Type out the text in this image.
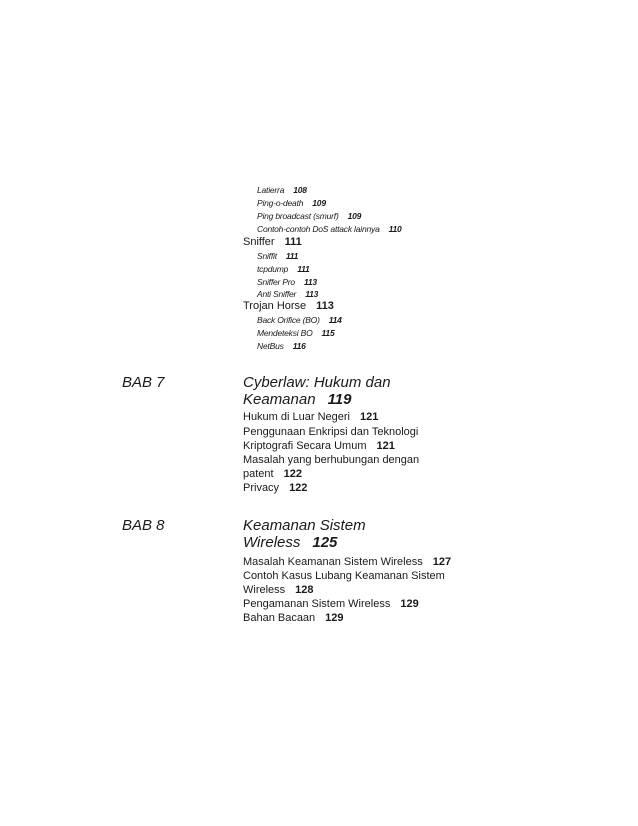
Latierra 108
Ping-o-death 109
Ping broadcast (smurf) 109
Contoh-contoh DoS attack lainnya 110
Sniffer 111
Sniffit 111
tcpdump 111
Sniffer Pro 113
Anti Sniffer 113
Trojan Horse 113
Back Orifice (BO) 114
Mendeteksi BO 115
NetBus 116
BAB 7	Cyberlaw: Hukum dan
Keamanan 119
Hukum di Luar Negeri 121
Penggunaan Enkripsi dan Teknologi
Kriptografi Secara Umum 121
Masalah yang berhubungan dengan
patent 122
Privacy 122
BAB 8	Keamanan Sistem
Wireless 125
Masalah Keamanan Sistem Wireless 127
Contoh Kasus Lubang Keamanan Sistem
Wireless 128
Pengamanan Sistem Wireless 129
Bahan Bacaan 129
